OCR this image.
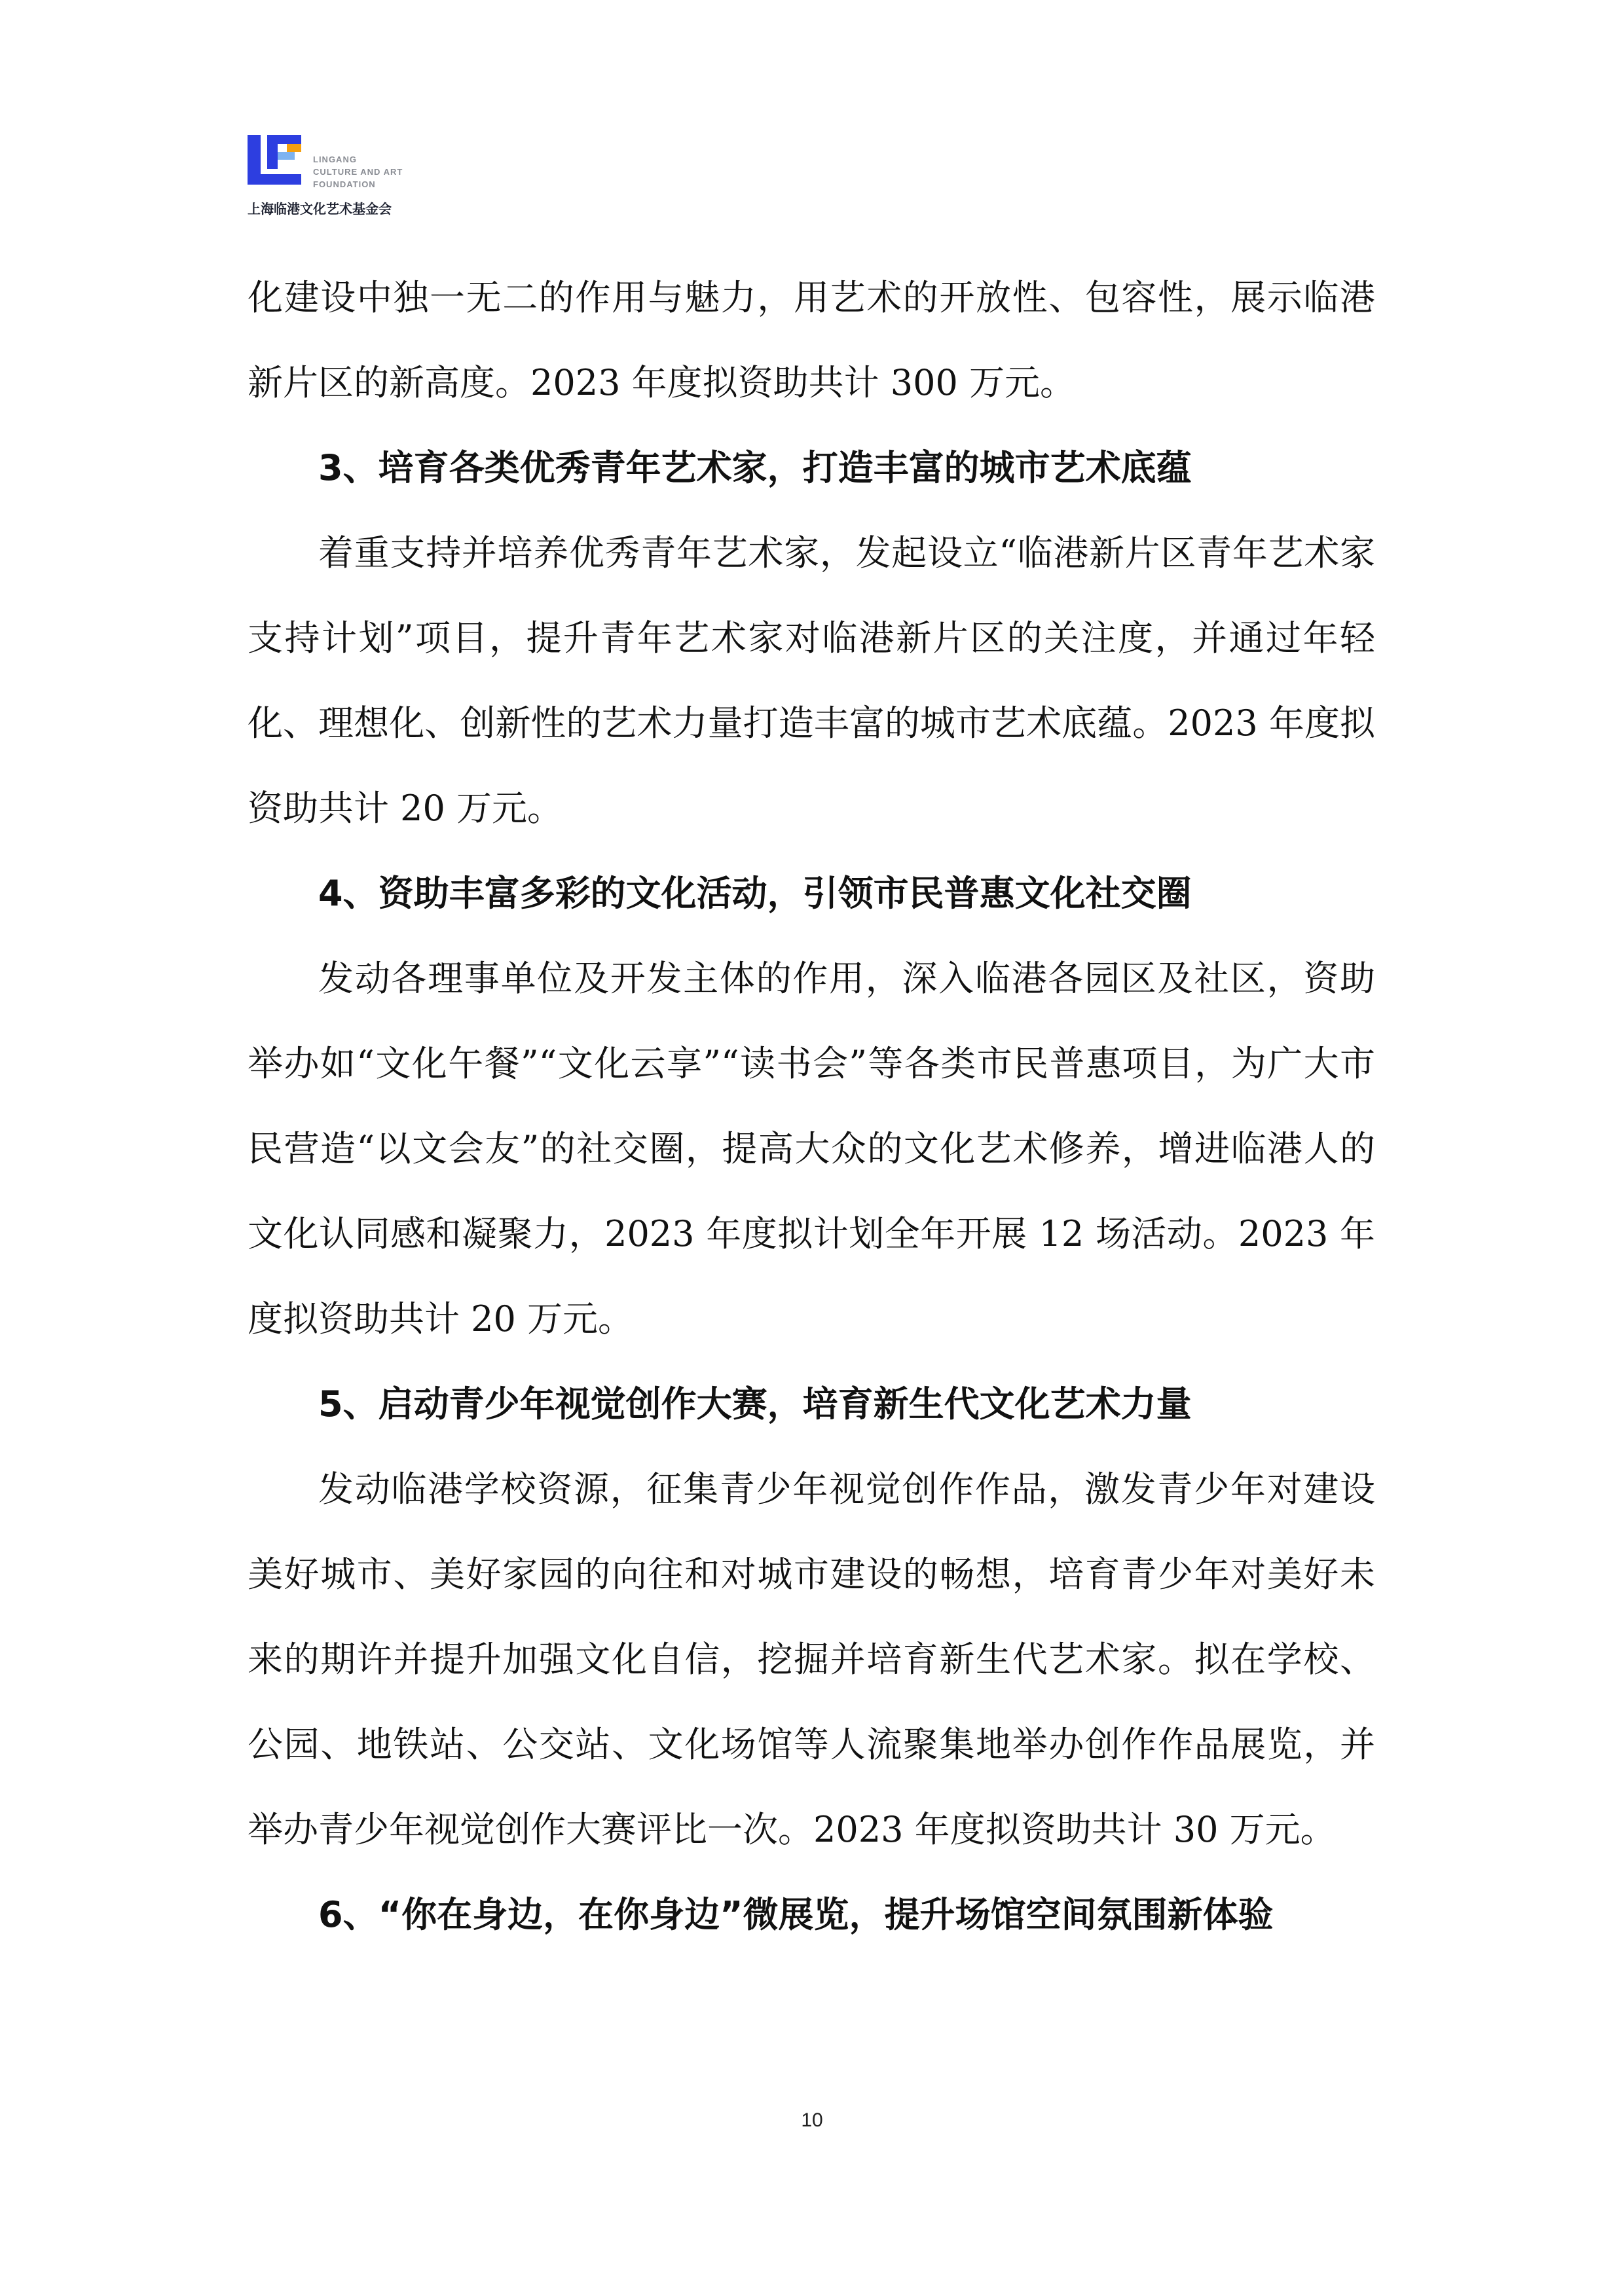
LINGANG
CULTURE AND ART
FOUNDATION
上海临港文化艺术基金会

化建设中独一无二的作用与魅力，用艺术的开放性、包容性，展示临港新片区的新高度。2023 年度拟资助共计 300 万元。

3、培育各类优秀青年艺术家，打造丰富的城市艺术底蕴

着重支持并培养优秀青年艺术家，发起设立“临港新片区青年艺术家支持计划”项目，提升青年艺术家对临港新片区的关注度，并通过年轻化、理想化、创新性的艺术力量打造丰富的城市艺术底蕴。2023 年度拟资助共计 20 万元。

4、资助丰富多彩的文化活动，引领市民普惠文化社交圈

发动各理事单位及开发主体的作用，深入临港各园区及社区，资助举办如“文化午餐”“文化云享”“读书会”等各类市民普惠项目，为广大市民营造“以文会友”的社交圈，提高大众的文化艺术修养，增进临港人的文化认同感和凝聚力，2023 年度拟计划全年开展 12 场活动。2023 年度拟资助共计 20 万元。

5、启动青少年视觉创作大赛，培育新生代文化艺术力量

发动临港学校资源，征集青少年视觉创作作品，激发青少年对建设美好城市、美好家园的向往和对城市建设的畅想，培育青少年对美好未来的期许并提升加强文化自信，挖掘并培育新生代艺术家。拟在学校、公园、地铁站、公交站、文化场馆等人流聚集地举办创作作品展览，并举办青少年视觉创作大赛评比一次。2023 年度拟资助共计 30 万元。

6、“你在身边，在你身边”微展览，提升场馆空间氛围新体验

10
